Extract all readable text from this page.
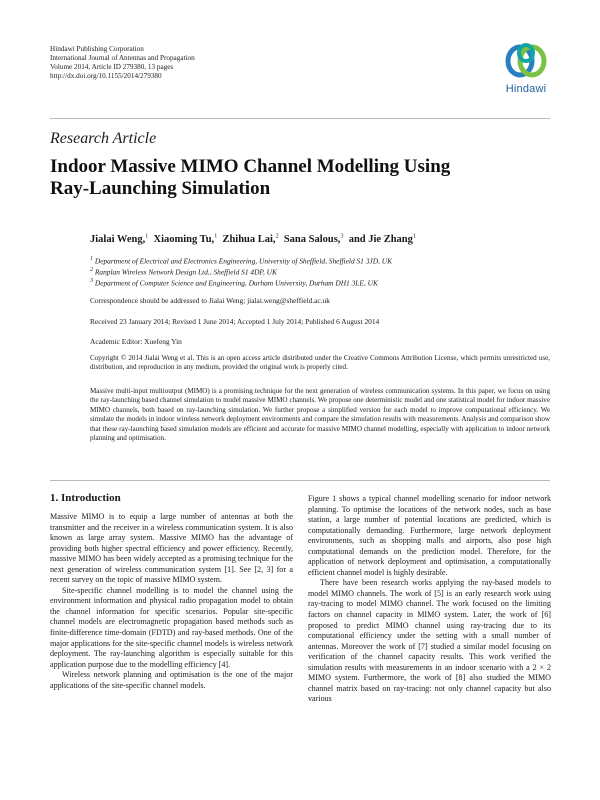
Hindawi Publishing Corporation
International Journal of Antennas and Propagation
Volume 2014, Article ID 279380, 13 pages
http://dx.doi.org/10.1155/2014/279380
Hindawi
Research Article
Indoor Massive MIMO Channel Modelling Using
Ray-Launching Simulation
Jialai Weng,$^1$ Xiaoming Tu,$^1$ Zhihua Lai,$^2$ Sana Salous,$^3$ and Jie Zhang$^1$
$^1$ Department of Electrical and Electronics Engineering, University of Sheffield, Sheffield S1 3JD, UK
$^2$ Ranplan Wireless Network Design Ltd., Sheffield S1 4DP, UK
$^3$ Department of Computer Science and Engineering, Durham University, Durham DH1 3LE, UK
Correspondence should be addressed to Jialai Weng; jialai.weng@sheffield.ac.uk
Received 23 January 2014; Revised 1 June 2014; Accepted 1 July 2014; Published 6 August 2014
Academic Editor: Xuefeng Yin
Copyright © 2014 Jialai Weng et al. This is an open access article distributed under the Creative Commons Attribution License, which permits unrestricted use, distribution, and reproduction in any medium, provided the original work is properly cited.
Massive multi-input multioutput (MIMO) is a promising technique for the next generation of wireless communication systems. In this paper, we focus on using the ray-launching based channel simulation to model massive MIMO channels. We propose one deterministic model and one statistical model for indoor massive MIMO channels, both based on ray-launching simulation. We further propose a simplified version for each model to improve computational efficiency. We simulate the models in indoor wireless network deployment environments and compare the simulation results with measurements. Analysis and comparison show that these ray-launching based simulation models are efficient and accurate for massive MIMO channel modelling, especially with application to indoor network planning and optimisation.
1. Introduction

Massive MIMO is to equip a large number of antennas at both the transmitter and the receiver in a wireless communication system. It is also known as large array system. Massive MIMO has the advantage of providing both higher spectral efficiency and power efficiency. Recently, massive MIMO has been widely accepted as a promising technique for the next generation of wireless communication system [1]. See [2, 3] for a recent survey on the topic of massive MIMO system.

Site-specific channel modelling is to model the channel using the environment information and physical radio propagation model to obtain the channel information for specific scenarios. Popular site-specific channel models are electromagnetic propagation based methods such as finite-difference time-domain (FDTD) and ray-based methods. One of the major applications for the site-specific channel models is wireless network deployment. The ray-launching algorithm is especially suitable for this application purpose due to the modelling efficiency [4].

Wireless network planning and optimisation is the one of the major applications of the site-specific channel models.

Figure 1 shows a typical channel modelling scenario for indoor network planning. To optimise the locations of the network nodes, such as base station, a large number of potential locations are predicted, which is computationally demanding. Furthermore, large network deployment environments, such as shopping malls and airports, also pose high computational demands on the prediction model. Therefore, for the application of network deployment and optimisation, a computationally efficient channel model is highly desirable.

There have been research works applying the ray-based models to model MIMO channels. The work of [5] is an early research work using ray-tracing to model MIMO channel. The work focused on the limiting factors on channel capacity in MIMO system. Later, the work of [6] proposed to predict MIMO channel using ray-tracing due to its computational efficiency under the setting with a small number of antennas. Moreover the work of [7] studied a similar model focusing on verification of the channel capacity results. This work verified the simulation results with measurements in an indoor scenario with a 2 × 2 MIMO system. Furthermore, the work of [8] also studied the MIMO channel matrix based on ray-tracing: not only channel capacity but also various
